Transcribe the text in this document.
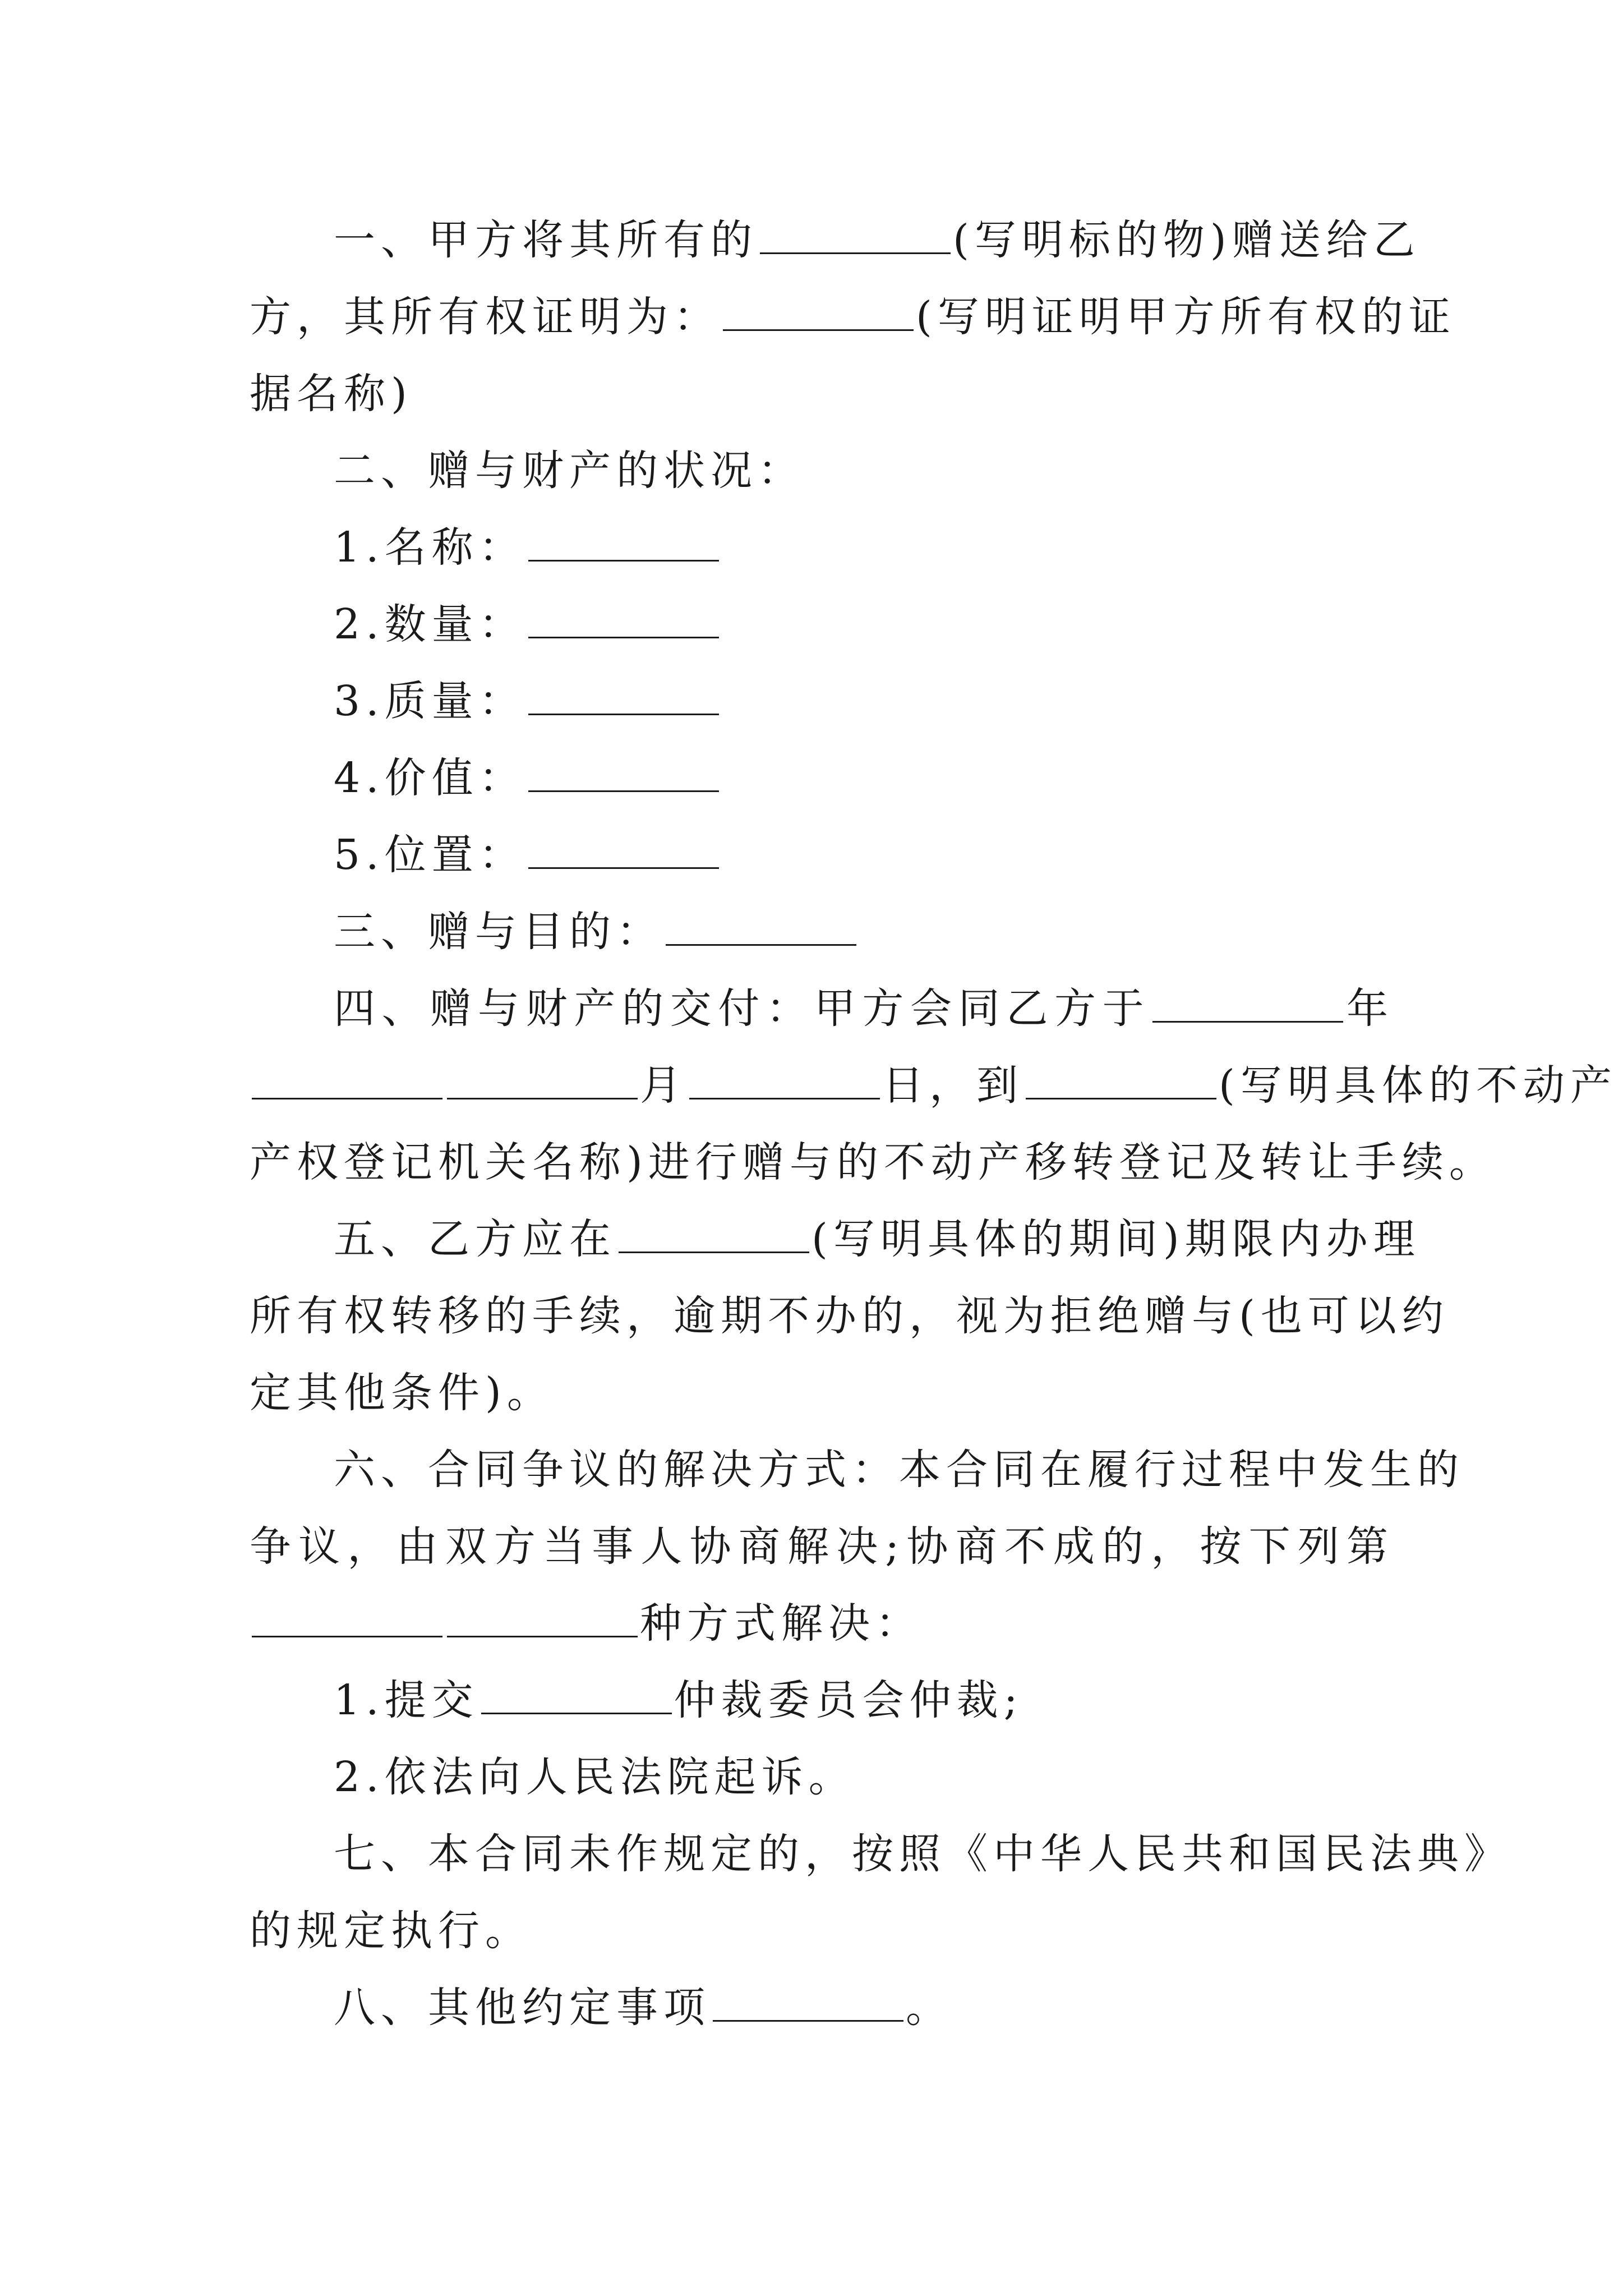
一、甲方将其所有的	(写明标的物)赠送给乙
方，其所有权证明为：	(写明证明甲方所有权的证
据名称)
二、赠与财产的状况：
1.名称：
2.数量：
3.质量：
4.价值：
5.位置：
三、赠与目的：
四、赠与财产的交付：甲方会同乙方于	年
月	日，到	(写明具体的不动产
产权登记机关名称)进行赠与的不动产移转登记及转让手续。
五、乙方应在	(写明具体的期间)期限内办理
所有权转移的手续，逾期不办的，视为拒绝赠与(也可以约
定其他条件)。
六、合同争议的解决方式：本合同在履行过程中发生的
争议，由双方当事人协商解决;协商不成的，按下列第
种方式解决：
1.提交	仲裁委员会仲裁;
2.依法向人民法院起诉。
七、本合同未作规定的，按照《中华人民共和国民法典》
的规定执行。
八、其他约定事项	。
